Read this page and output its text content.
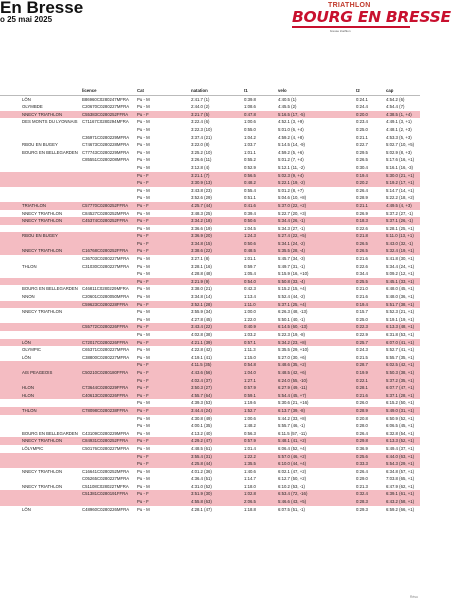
En Bresse
o 25 mai 2025
TRIATHLON
BOURG EN BRESSE
bresse triathlon
			licence	Cat	natation	t1	velo	t2	cap
		LÔN	B86960C0280247MFRA	Pu - M	2:41.7 (1)	0:39.8	4:40.5 (1)	0:24.1	4:54.2 (6)
		OLYMBDE	C20670C0280227MFRA	Pu - M	2:44.0 (2)	1:08.6	4:45.5 (2)	0:24.4	4:54.4 (7)
		NNECY TRIATHLON	C55383C0280252FFRA	Pu - F	3:21.7 (5)	0:47.8	5:16.5 (17, -5)	0:20.0	4:38.5 (1, +4)
		DES MONTS DU LYONNAIS	C71167C0280294MFRA	Pu - M	3:22.4 (6)	1:00.6	4:52.1 (3, +9)	0:23.4	4:49.1 (3, +1)
				Pu - M	3:22.3 (10)	0:55.0	5:01.0 (6, +4)	0:25.0	4:48.1 (2, +3)
			C36971C0280229MFRA	Pu - M	3:37.4 (21)	1:04.2	4:59.2 (4, +8)	0:21.1	4:53.3 (5, +3)
		RBOU EN BUGEY	C74673C0280228MFRA	Pu - M	3:22.0 (8)	1:03.7	5:14.5 (14, -9)	0:22.7	5:02.7 (10, +5)
		BOURG EN BELLEGARDEN	C77743C0280229MFRA	Pu - M	3:25.2 (10)	1:01.1	4:59.2 (5, +6)	0:29.5	5:02.9 (8, +3)
			C85551C0280208MFRA	Pu - M	3:26.6 (11)	0:55.2	5:01.2 (7, +4)	0:26.5	5:17.6 (16, +1)
				Pu - M	3:12.8 (4)	0:52.9	5:12.1 (11, -2)	0:30.4	5:16.1 (16, -3)
				Pu - F	3:21.1 (7)	0:56.5	5:02.3 (9, +4)	0:19.4	5:30.0 (21, +1)
				Pu - F	3:30.9 (13)	0:48.2	5:22.1 (19, -2)	0:20.2	5:19.2 (17, +1)
				Pu - M	3:43.8 (23)	0:55.4	5:01.2 (8, +7)	0:26.4	5:14.7 (14, +1)
				Pu - M	3:52.6 (29)	0:51.1	5:04.6 (10, +8)	0:28.9	5:22.2 (18, +2)
		TRIATHLON	C57770C0280252FFRA	Pu - F	4:25.7 (44)	0:41.6	5:37.0 (22, +2)	0:21.1	4:49.5 (4, +3)
		NNECY TRIATHLON	C84527C0280252MFRA	Pu - M	3:48.3 (25)	0:39.4	5:22.7 (20, +3)	0:26.9	5:37.2 (27, -1)
		NNECY TRIATHLON	C45374C0280252FFRA	Pu - F	3:34.2 (18)	0:50.6	5:34.4 (26, -1)	0:18.3	5:37.1 (26, -1)
				Pu - M	3:36.6 (19)	1:04.5	5:34.3 (27, -1)	0:22.6	5:28.1 (25, +1)
		RBOU EN BUGEY		Pu - F	3:36.9 (20)	1:24.3	5:27.4 (22, +5)	0:21.8	5:11.0 (13, +1)
				Pu - F	3:34.8 (15)	0:50.6	5:34.1 (24, -2)	0:26.5	5:43.0 (32, -1)
		NNECY TRIATHLON	C16768C0280252FFRA	Pu - F	3:38.6 (22)	0:48.5	5:35.5 (28, -4)	0:26.5	5:32.4 (19, +1)
			C36703C0280227MFRA	Pu - M	3:27.1 (8)	1:01.1	5:45.7 (34, -3)	0:21.6	5:41.8 (30, +1)
		THLON	C31030C0280227MFRA	Pu - M	3:28.1 (16)	0:59.7	5:49.7 (31, -1)	0:22.6	5:34.4 (24, +1)
				Pu - M	4:28.8 (48)	1:05.4	5:15.9 (16, +10)	0:34.4	5:09.2 (12, +1)
				Pu - F	3:21.9 (9)	0:54.0	5:50.8 (33, -4)	0:25.5	5:45.1 (33, +1)
		BOURG EN BELLEGARDEN	C46811C0280229MFRA	Pu - M	3:38.0 (21)	0:42.3	5:15.2 (15, +4)	0:21.0	6:48.0 (45, +1)
		NNON	C20601C0280050MFRA	Pu - M	3:34.8 (14)	1:13.4	5:52.4 (44, -2)	0:21.6	5:48.0 (36, +1)
			C59623C0280228FFRA	Pu - F	3:52.1 (28)	1:11.0	5:37.1 (25, +4)	0:19.4	5:51.7 (38, +1)
		NNECY TRIATHLON		Pu - M	3:55.9 (34)	1:00.0	6:26.3 (48, -13)	0:15.7	5:52.3 (21, +1)
				Pu - M	4:27.8 (45)	1:22.0	5:50.1 (40, -1)	0:25.0	5:19.1 (19, +1)
			C55772C0280226FFRA	Pu - F	3:43.4 (22)	0:40.9	6:14.5 (60, -13)	0:22.3	6:13.3 (48, +1)
				Pu - M	4:02.8 (38)	1:03.2	5:22.3 (19, -8)	0:22.9	6:31.8 (53, +1)
		LÔN	C72017C0280226FFRA	Pu - F	4:21.1 (39)	0:57.1	5:34.2 (23, +8)	0:25.7	6:07.0 (41, +1)
		OLYMPIC	C65371C0280227MFRA	Pu - M	4:22.8 (42)	1:11.3	5:35.5 (29, +10)	0:24.3	5:52.7 (41, +1)
		LÔN	C38800C0280227MFRA	Pu - M	4:19.1 (41)	1:15.0	5:27.0 (30, +6)	0:21.5	5:55.7 (35, +1)
				Pu - F	4:11.5 (35)	0:54.8	5:48.6 (35, +2)	0:28.7	6:02.5 (42, +1)
		AIS PEAGEOIS	C50210C0280180FFRA	Pu - F	4:43.6 (56)	1:04.0	5:48.5 (42, +6)	0:19.9	5:50.3 (38, +1)
				Pu - F	4:02.4 (37)	1:27.1	6:24.0 (55, -10)	0:22.1	5:37.2 (35, +1)
		HLON	C73644C0280229FFRA	Pu - F	3:50.3 (27)	0:57.9	6:27.9 (49, -11)	0:28.1	6:07.7 (47, +1)
		HLON	C40613C0280226FFRA	Pu - F	4:55.7 (64)	0:59.1	5:54.4 (45, +7)	0:21.6	5:37.1 (28, +1)
				Pu - M	4:39.3 (53)	1:19.6	5:30.6 (21, +16)	0:26.0	6:15.2 (50, +1)
		THLON	C78098C0280238FFRA	Pu - F	3:44.4 (24)	1:52.7	6:13.7 (39, -8)	0:28.9	5:49.0 (31, +1)
				Pu - M	4:30.8 (49)	1:00.6	5:44.2 (33, +8)	0:20.8	6:50.9 (52, +1)
				Pu - M	4:00.1 (35)	1:48.2	5:55.7 (46, -1)	0:28.0	6:06.5 (45, +1)
		BOURG EN BELLEGARDEN	C43109C0280229MFRA	Pu - M	4:13.2 (40)	0:56.3	6:11.5 (57, -11)	0:26.4	6:32.8 (54, +1)
		NNECY TRIATHLON	C84931C0280252FFRA	Pu - F	4:29.2 (47)	0:57.9	5:48.1 (41, +2)	0:29.8	6:13.3 (52, +1)
		LÔLYMPIC	C50176C0280227MFRA	Pu - M	4:48.5 (61)	1:01.4	6:06.4 (52, +4)	0:36.9	5:49.4 (37, +1)
				Pu - F	3:55.4 (31)	1:22.2	5:57.0 (46, +2)	0:25.6	6:44.0 (63, +1)
				Pu - F	4:25.8 (44)	1:35.5	6:10.0 (44, +4)	0:33.3	5:54.3 (29, +1)
		NNECY TRIATHLON	C16641C0280252MFRA	Pu - M	4:01.2 (36)	1:40.6	6:02.1 (47, +2)	0:26.4	6:34.8 (57, +1)
			C05265C0280227MFRA	Pu - M	4:36.4 (51)	1:14.7	6:12.7 (50, +2)	0:29.0	7:03.8 (65, +1)
		NNECY TRIATHLON	C51108C0280227MFRA	Pu - M	4:31.0 (52)	1:18.0	6:10.2 (53, -1)	0:21.3	6:47.9 (62, +1)
			C51381C0280191FFRA	Pu - F	3:51.9 (30)	1:02.8	6:53.4 (72, -16)	0:32.4	6:39.1 (61, +1)
				Pu - F	4:55.8 (63)	2:06.5	5:46.6 (43, +5)	0:28.3	6:43.2 (58, +1)
		LÔN	C48960C0280226MFRA	Pu - M	4:28.1 (47)	1:18.8	6:07.5 (51, -1)	0:29.3	6:59.2 (66, +1)
Résu
